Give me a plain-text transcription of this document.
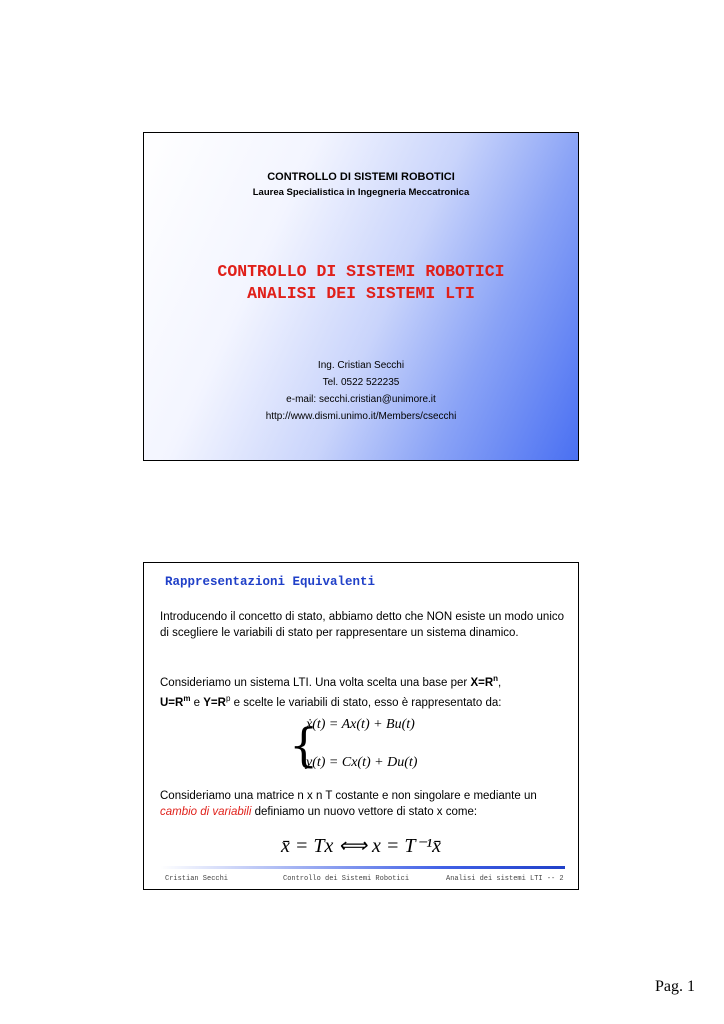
CONTROLLO DI SISTEMI ROBOTICI
Laurea Specialistica in Ingegneria Meccatronica
CONTROLLO DI SISTEMI ROBOTICI
ANALISI DEI SISTEMI LTI
Ing. Cristian Secchi
Tel. 0522 522235
e-mail: secchi.cristian@unimore.it
http://www.dismi.unimo.it/Members/csecchi
Rappresentazioni Equivalenti
Introducendo il concetto di stato, abbiamo detto che NON esiste un modo unico di scegliere le variabili di stato per rappresentare un sistema dinamico.
Consideriamo un sistema LTI. Una volta scelta una base per $X=R^n$,
$U=R^m$ e $Y=R^p$ e scelte le variabili di stato, esso è rappresentato da:
{
ẋ(t) = Ax(t) + Bu(t)
y(t) = Cx(t) + Du(t)
Consideriamo una matrice n x n T costante e non singolare e mediante un
cambio di variabili definiamo un nuovo vettore di stato x come:
x̄ = Tx ⟺ x = T⁻¹x̄
Cristian Secchi	Controllo dei Sistemi Robotici	Analisi dei sistemi LTI -- 2
Pag. 1
